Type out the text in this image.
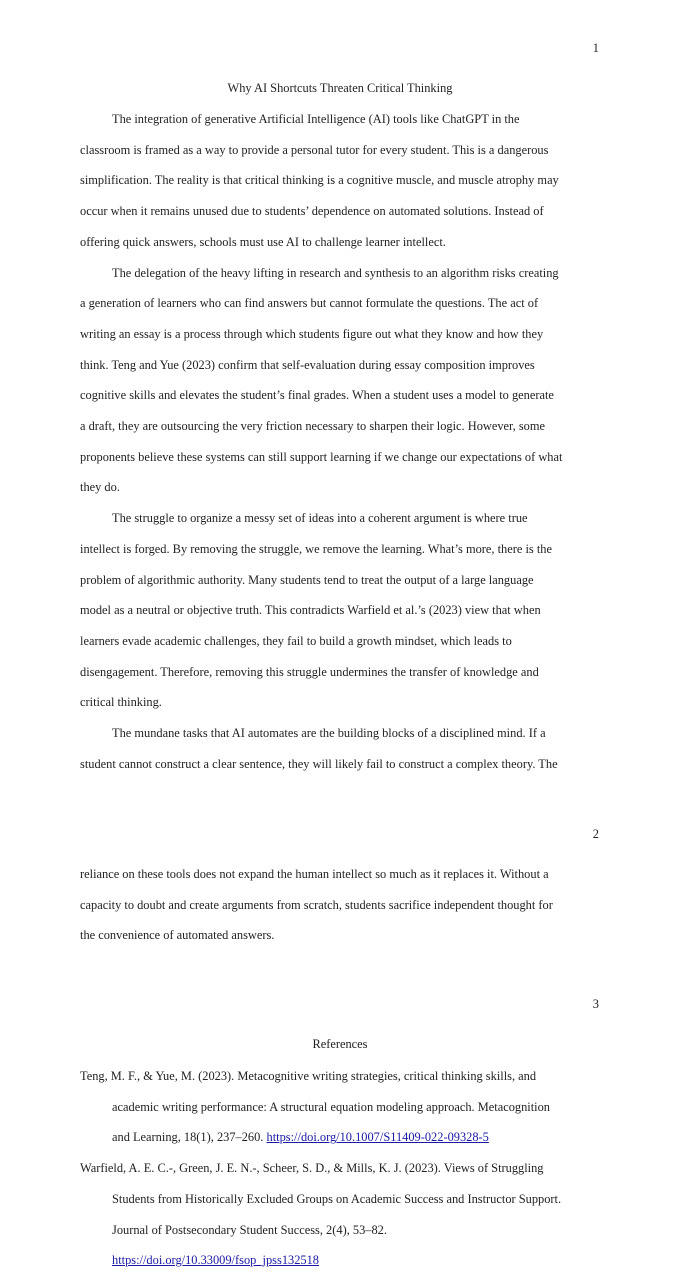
1
Why AI Shortcuts Threaten Critical Thinking

The integration of generative Artificial Intelligence (AI) tools like ChatGPT in the

classroom is framed as a way to provide a personal tutor for every student. This is a dangerous
simplification. The reality is that critical thinking is a cognitive muscle, and muscle atrophy may
occur when it remains unused due to students’ dependence on automated solutions. Instead of
offering quick answers, schools must use AI to challenge learner intellect.

The delegation of the heavy lifting in research and synthesis to an algorithm risks creating

a generation of learners who can find answers but cannot formulate the questions. The act of
writing an essay is a process through which students figure out what they know and how they
think. Teng and Yue (2023) confirm that self-evaluation during essay composition improves
cognitive skills and elevates the student’s final grades. When a student uses a model to generate
a draft, they are outsourcing the very friction necessary to sharpen their logic. However, some
proponents believe these systems can still support learning if we change our expectations of what
they do.

The struggle to organize a messy set of ideas into a coherent argument is where true

intellect is forged. By removing the struggle, we remove the learning. What’s more, there is the
problem of algorithmic authority. Many students tend to treat the output of a large language
model as a neutral or objective truth. This contradicts Warfield et al.’s (2023) view that when
learners evade academic challenges, they fail to build a growth mindset, which leads to
disengagement. Therefore, removing this struggle undermines the transfer of knowledge and
critical thinking.

The mundane tasks that AI automates are the building blocks of a disciplined mind. If a

student cannot construct a clear sentence, they will likely fail to construct a complex theory. The

2

reliance on these tools does not expand the human intellect so much as it replaces it. Without a
capacity to doubt and create arguments from scratch, students sacrifice independent thought for
the convenience of automated answers.

3
References
Teng, M. F., & Yue, M. (2023). Metacognitive writing strategies, critical thinking skills, and
academic writing performance: A structural equation modeling approach. Metacognition
and Learning, 18(1), 237–260. https://doi.org/10.1007/S11409-022-09328-5
Warfield, A. E. C.-, Green, J. E. N.-, Scheer, S. D., & Mills, K. J. (2023). Views of Struggling
Students from Historically Excluded Groups on Academic Success and Instructor Support.
Journal of Postsecondary Student Success, 2(4), 53–82.
https://doi.org/10.33009/fsop_jpss132518
